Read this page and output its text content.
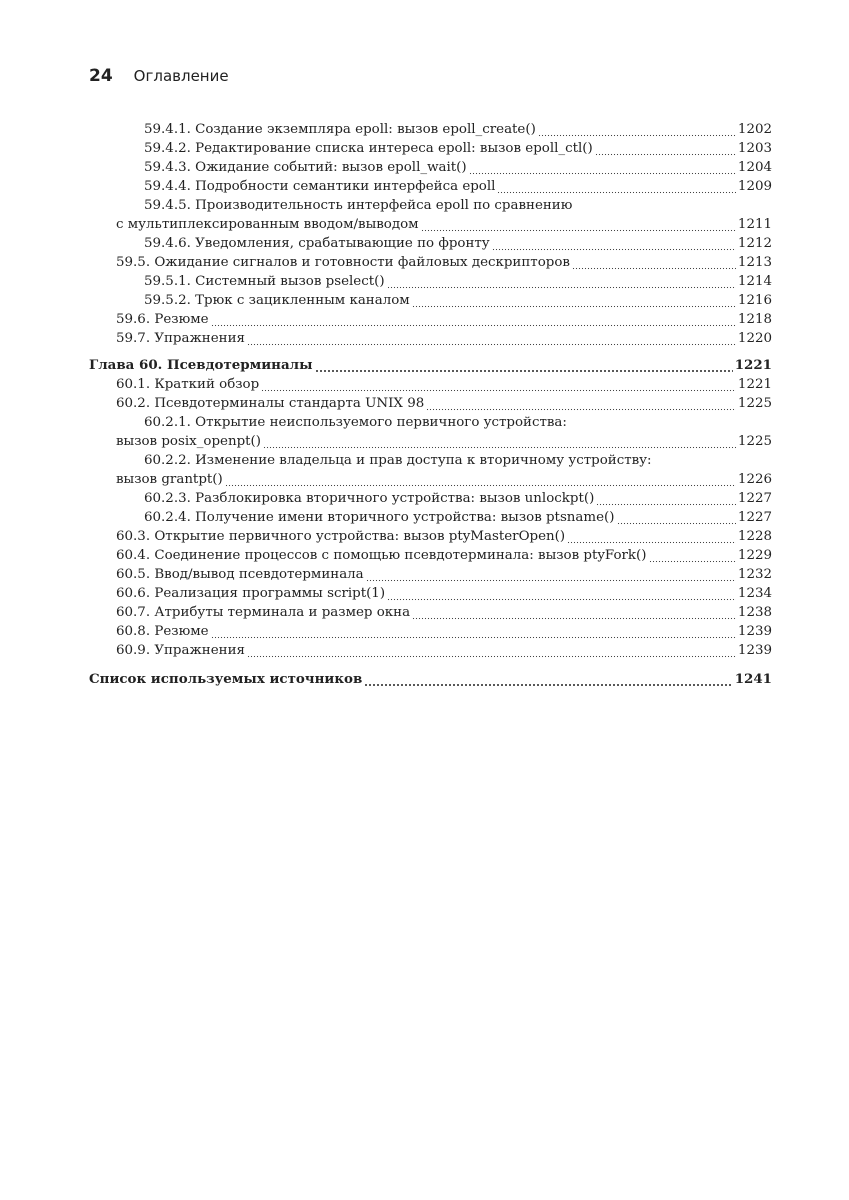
24 Оглавление
59.4.1. Создание экземпляра epoll: вызов epoll_create()	1202
59.4.2. Редактирование списка интереса epoll: вызов epoll_ctl()	1203
59.4.3. Ожидание событий: вызов epoll_wait()	1204
59.4.4. Подробности семантики интерфейса epoll	1209
59.4.5. Производительность интерфейса epoll по сравнению
с мультиплексированным вводом/выводом	1211
59.4.6. Уведомления, срабатывающие по фронту	1212
59.5. Ожидание сигналов и готовности файловых дескрипторов	1213
59.5.1. Системный вызов pselect()	1214
59.5.2. Трюк с зацикленным каналом	1216
59.6. Резюме	1218
59.7. Упражнения	1220
Глава 60. Псевдотерминалы	1221
60.1. Краткий обзор	1221
60.2. Псевдотерминалы стандарта UNIX 98	1225
60.2.1. Открытие неиспользуемого первичного устройства:
вызов posix_openpt()	1225
60.2.2. Изменение владельца и прав доступа к вторичному устройству:
вызов grantpt()	1226
60.2.3. Разблокировка вторичного устройства: вызов unlockpt()	1227
60.2.4. Получение имени вторичного устройства: вызов ptsname()	1227
60.3. Открытие первичного устройства: вызов ptyMasterOpen()	1228
60.4. Соединение процессов с помощью псевдотерминала: вызов ptyFork()	1229
60.5. Ввод/вывод псевдотерминала	1232
60.6. Реализация программы script(1)	1234
60.7. Атрибуты терминала и размер окна	1238
60.8. Резюме	1239
60.9. Упражнения	1239
Список используемых источников	1241
